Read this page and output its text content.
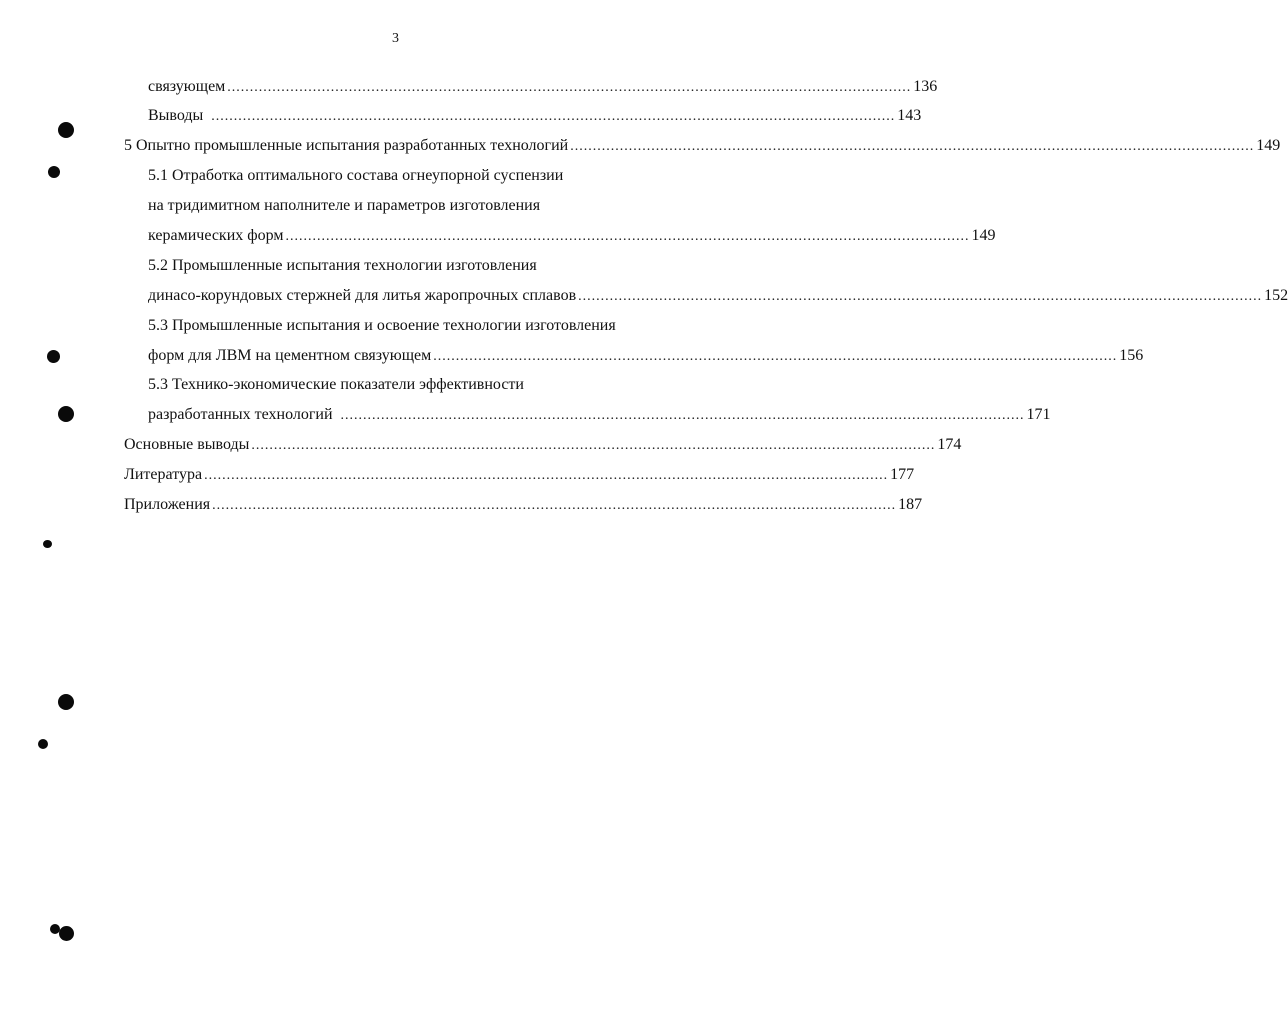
3
связующем ........................................................................................................................................................ 136
Выводы ........................................................................................................................................................ 143
5 Опытно промышленные испытания разработанных технологий ........................................................................................................................................................ 149
5.1 Отработка оптимального состава огнеупорной суспензии
на тридимитном наполнителе и параметров изготовления
керамических форм ........................................................................................................................................................ 149
5.2 Промышленные испытания технологии изготовления
динасо-корундовых стержней для литья жаропрочных сплавов ........................................................................................................................................................ 152
5.3 Промышленные испытания и освоение технологии изготовления
форм для ЛВМ на цементном связующем ........................................................................................................................................................ 156
5.3 Технико-экономические показатели эффективности
разработанных технологий ........................................................................................................................................................ 171
Основные выводы ........................................................................................................................................................ 174
Литература ........................................................................................................................................................ 177
Приложения ........................................................................................................................................................ 187
